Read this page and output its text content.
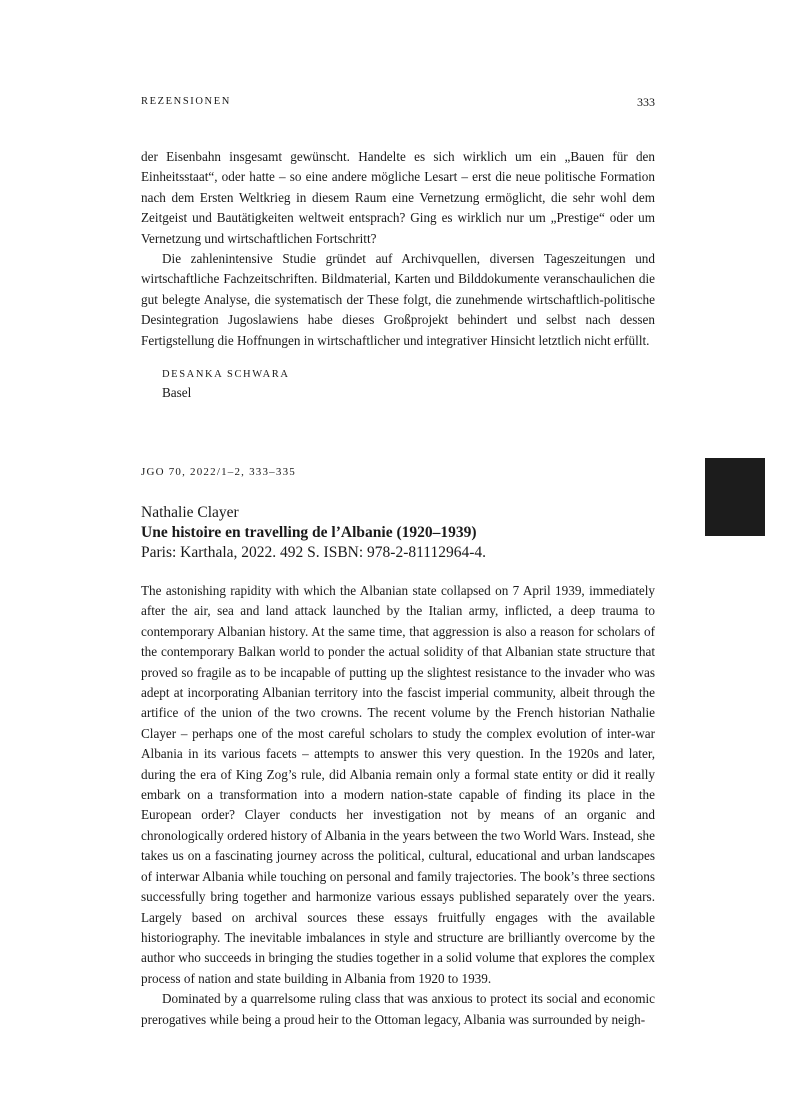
REZENSIONEN	333

der Eisenbahn insgesamt gewünscht. Handelte es sich wirklich um ein „Bauen für den Einheitsstaat“, oder hatte – so eine andere mögliche Lesart – erst die neue politische Formation nach dem Ersten Weltkrieg in diesem Raum eine Vernetzung ermöglicht, die sehr wohl dem Zeitgeist und Bautätigkeiten weltweit entsprach? Ging es wirklich nur um „Prestige“ oder um Vernetzung und wirtschaftlichen Fortschritt?

Die zahlenintensive Studie gründet auf Archivquellen, diversen Tageszeitungen und wirtschaftliche Fachzeitschriften. Bildmaterial, Karten und Bilddokumente veranschaulichen die gut belegte Analyse, die systematisch der These folgt, die zunehmende wirtschaftlich-politische Desintegration Jugoslawiens habe dieses Großprojekt behindert und selbst nach dessen Fertigstellung die Hoffnungen in wirtschaftlicher und integrativer Hinsicht letztlich nicht erfüllt.

DESANKA SCHWARA
Basel
JGO 70, 2022/1–2, 333–335
Nathalie Clayer
Une histoire en travelling de l’Albanie (1920–1939)
Paris: Karthala, 2022. 492 S. ISBN: 978-2-81112964-4.

The astonishing rapidity with which the Albanian state collapsed on 7 April 1939, immediately after the air, sea and land attack launched by the Italian army, inflicted, a deep trauma to contemporary Albanian history. At the same time, that aggression is also a reason for scholars of the contemporary Balkan world to ponder the actual solidity of that Albanian state structure that proved so fragile as to be incapable of putting up the slightest resistance to the invader who was adept at incorporating Albanian territory into the fascist imperial community, albeit through the artifice of the union of the two crowns. The recent volume by the French historian Nathalie Clayer – perhaps one of the most careful scholars to study the complex evolution of inter-war Albania in its various facets – attempts to answer this very question. In the 1920s and later, during the era of King Zog’s rule, did Albania remain only a formal state entity or did it really embark on a transformation into a modern nation-state capable of finding its place in the European order? Clayer conducts her investigation not by means of an organic and chronologically ordered history of Albania in the years between the two World Wars. Instead, she takes us on a fascinating journey across the political, cultural, educational and urban landscapes of interwar Albania while touching on personal and family trajectories. The book’s three sections successfully bring together and harmonize various essays published separately over the years. Largely based on archival sources these essays fruitfully engages with the available historiography. The inevitable imbalances in style and structure are brilliantly overcome by the author who succeeds in bringing the studies together in a solid volume that explores the complex process of nation and state building in Albania from 1920 to 1939.

Dominated by a quarrelsome ruling class that was anxious to protect its social and economic prerogatives while being a proud heir to the Ottoman legacy, Albania was surrounded by neigh-
